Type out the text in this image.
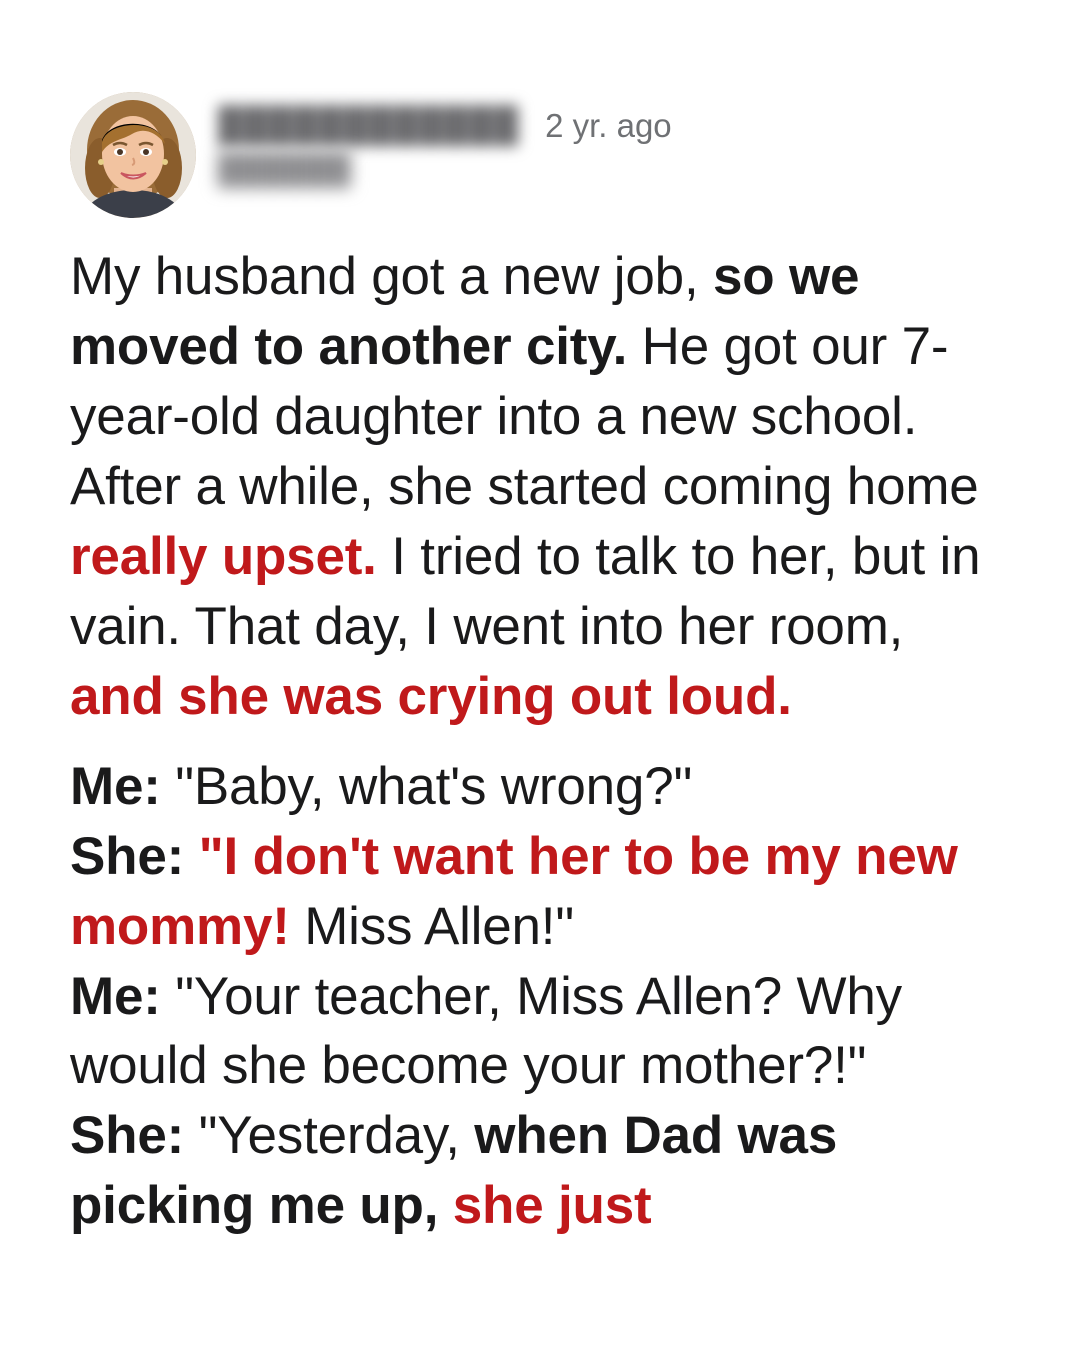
████████████ 2 yr. ago
██████

My husband got a new job, so we moved to another city. He got our 7-year-old daughter into a new school. After a while, she started coming home really upset. I tried to talk to her, but in vain. That day, I went into her room, and she was crying out loud.

Me: "Baby, what's wrong?"
She: "I don't want her to be my new mommy! Miss Allen!"
Me: "Your teacher, Miss Allen? Why would she become your mother?!"
She: "Yesterday, when Dad was picking me up, she just
